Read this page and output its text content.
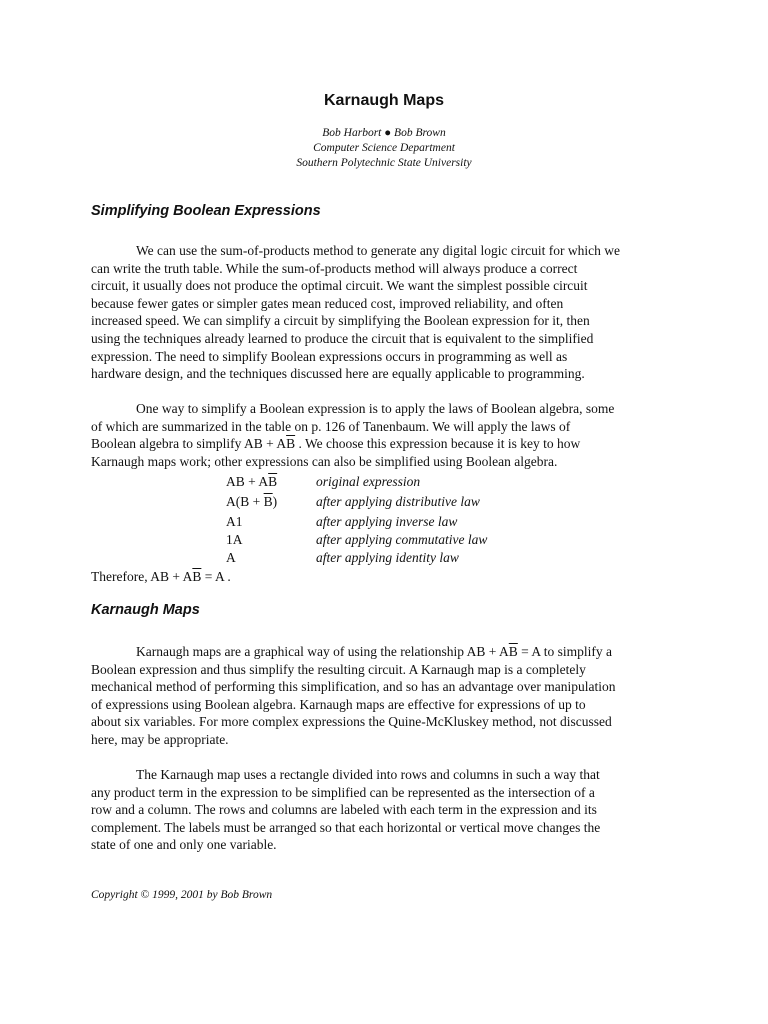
Karnaugh Maps
Bob Harbort ● Bob Brown
Computer Science Department
Southern Polytechnic State University
Simplifying Boolean Expressions
We can use the sum-of-products method to generate any digital logic circuit for which we
can write the truth table. While the sum-of-products method will always produce a correct
circuit, it usually does not produce the optimal circuit. We want the simplest possible circuit
because fewer gates or simpler gates mean reduced cost, improved reliability, and often
increased speed. We can simplify a circuit by simplifying the Boolean expression for it, then
using the techniques already learned to produce the circuit that is equivalent to the simplified
expression. The need to simplify Boolean expressions occurs in programming as well as
hardware design, and the techniques discussed here are equally applicable to programming.
One way to simplify a Boolean expression is to apply the laws of Boolean algebra, some
of which are summarized in the table on p. 126 of Tanenbaum. We will apply the laws of
Boolean algebra to simplify AB + $A\overline{B}$ . We choose this expression because it is key to how
Karnaugh maps work; other expressions can also be simplified using Boolean algebra.
AB + $A\overline{B}$	original expression
$A(B + \overline{B})$	after applying distributive law
A1	after applying inverse law
1A	after applying commutative law
A	after applying identity law
Therefore, AB + $A\overline{B} = A$ .
Karnaugh Maps
Karnaugh maps are a graphical way of using the relationship AB + $A\overline{B} = A$ to simplify a
Boolean expression and thus simplify the resulting circuit. A Karnaugh map is a completely
mechanical method of performing this simplification, and so has an advantage over manipulation
of expressions using Boolean algebra. Karnaugh maps are effective for expressions of up to
about six variables. For more complex expressions the Quine-McKluskey method, not discussed
here, may be appropriate.
The Karnaugh map uses a rectangle divided into rows and columns in such a way that
any product term in the expression to be simplified can be represented as the intersection of a
row and a column. The rows and columns are labeled with each term in the expression and its
complement. The labels must be arranged so that each horizontal or vertical move changes the
state of one and only one variable.
Copyright © 1999, 2001 by Bob Brown
